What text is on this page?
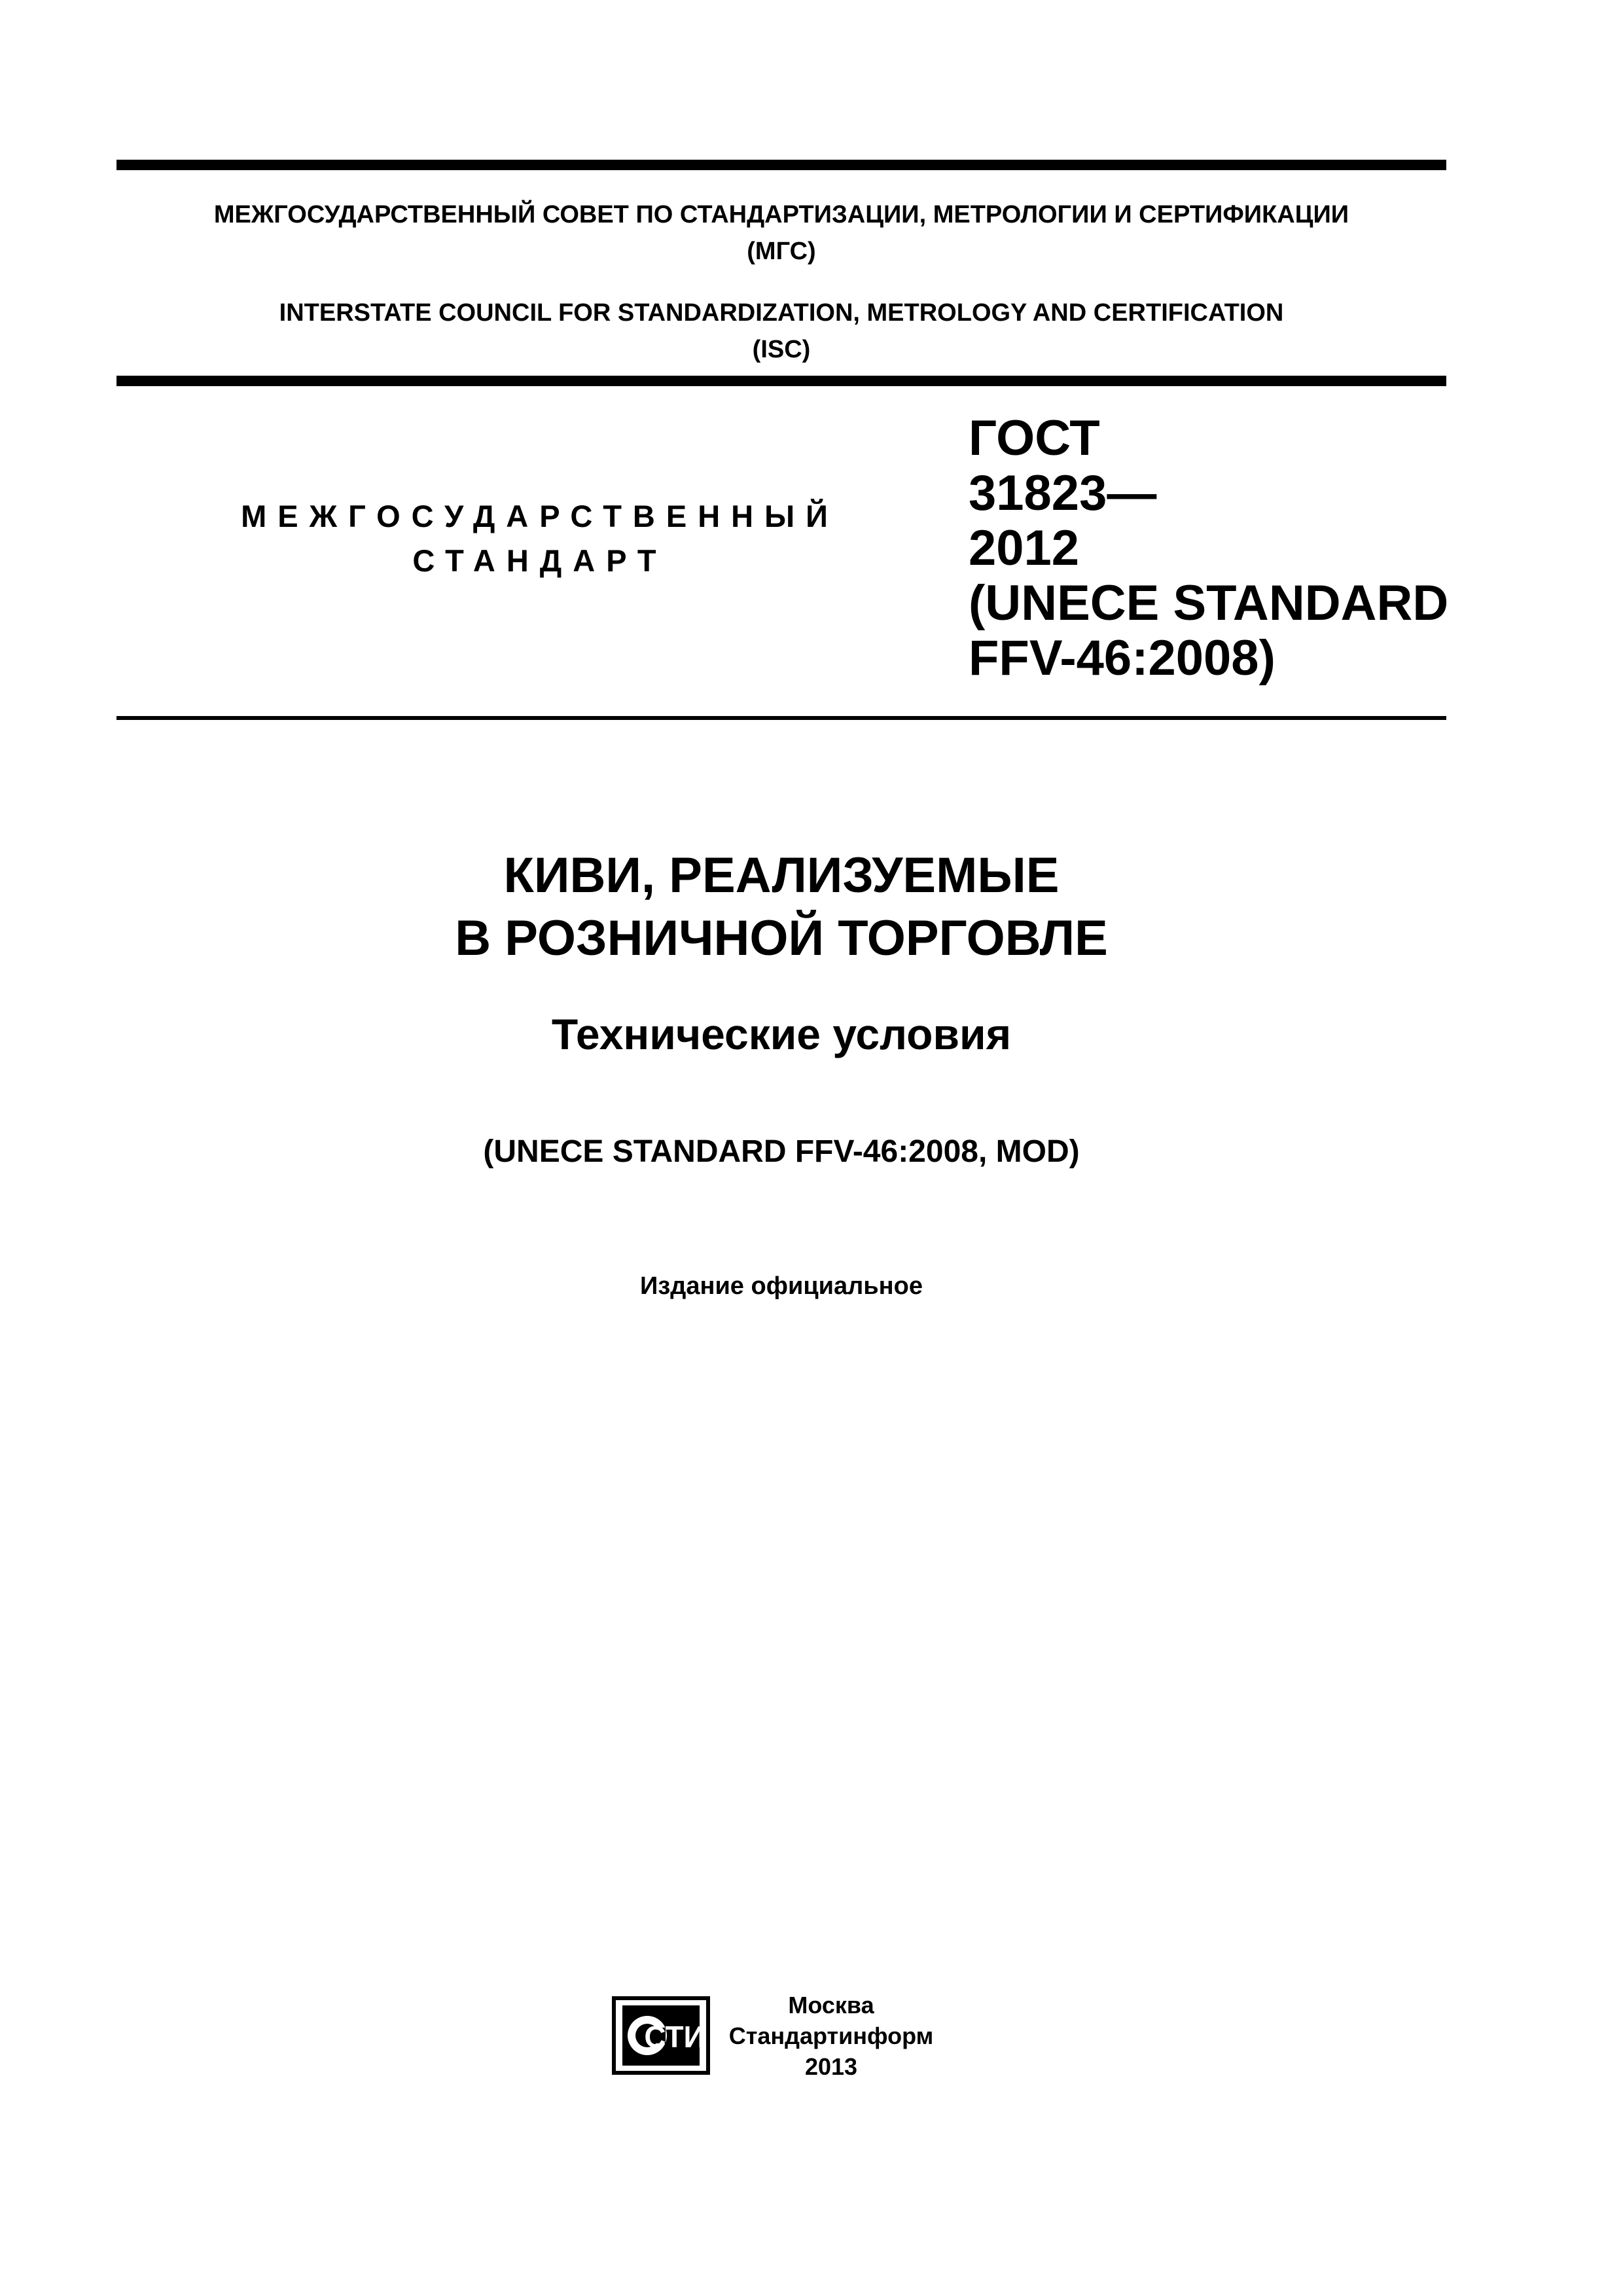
МЕЖГОСУДАРСТВЕННЫЙ СОВЕТ ПО СТАНДАРТИЗАЦИИ, МЕТРОЛОГИИ И СЕРТИФИКАЦИИ
(МГС)

INTERSTATE COUNCIL FOR STANDARDIZATION, METROLOGY AND CERTIFICATION
(ISC)

МЕЖГОСУДАРСТВЕННЫЙ
СТАНДАРТ
ГОСТ
31823—
2012
(UNECE STANDARD
FFV-46:2008)
КИВИ, РЕАЛИЗУЕМЫЕ
В РОЗНИЧНОЙ ТОРГОВЛЕ

Технические условия

(UNECE STANDARD FFV-46:2008, MOD)

Издание официальное

СТИ
Москва
Стандартинформ
2013
